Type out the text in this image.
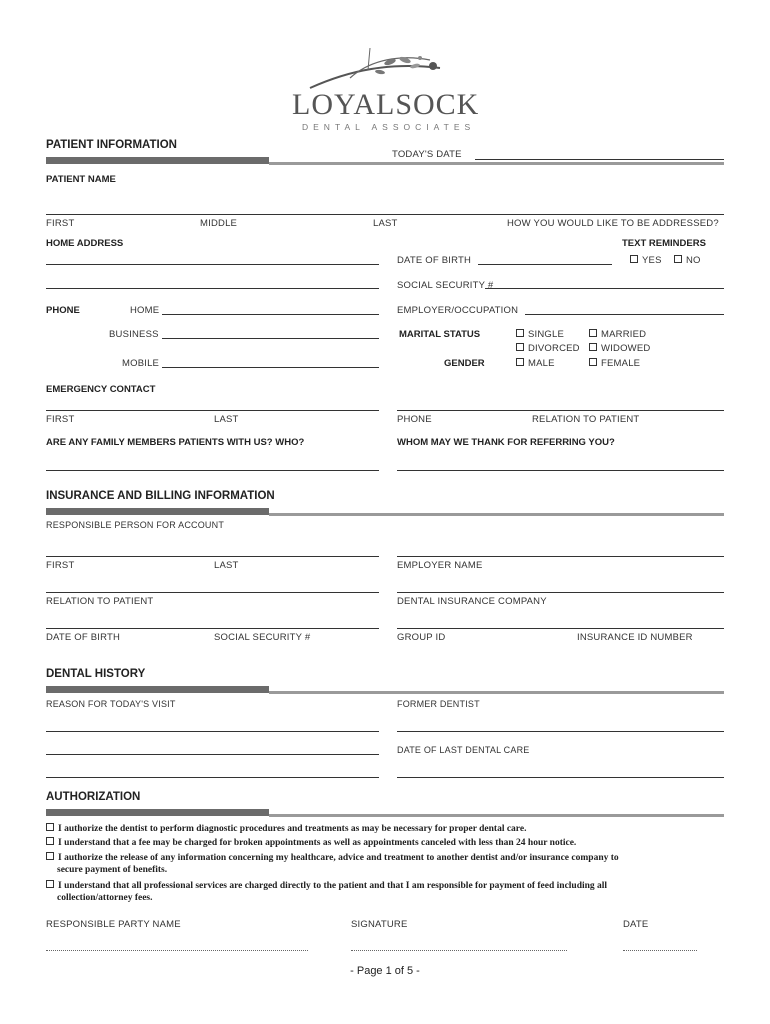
LOYALSOCK
DENTAL ASSOCIATES
PATIENT INFORMATION
TODAY'S DATE
PATIENT NAME
FIRST	MIDDLE	LAST	HOW YOU WOULD LIKE TO BE ADDRESSED?
HOME ADDRESS	TEXT REMINDERS
DATE OF BIRTH	YES	NO
SOCIAL SECURITY #
PHONE	HOME	EMPLOYER/OCCUPATION
BUSINESS	MARITAL STATUS	SINGLE	MARRIED
DIVORCED	WIDOWED
MOBILE	GENDER	MALE	FEMALE
EMERGENCY CONTACT
FIRST	LAST	PHONE	RELATION TO PATIENT
ARE ANY FAMILY MEMBERS PATIENTS WITH US? WHO?	WHOM MAY WE THANK FOR REFERRING YOU?
INSURANCE AND BILLING INFORMATION
RESPONSIBLE PERSON FOR ACCOUNT
FIRST	LAST	EMPLOYER NAME
RELATION TO PATIENT	DENTAL INSURANCE COMPANY
DATE OF BIRTH	SOCIAL SECURITY #	GROUP ID	INSURANCE ID NUMBER
DENTAL HISTORY
REASON FOR TODAY'S VISIT	FORMER DENTIST
DATE OF LAST DENTAL CARE
AUTHORIZATION
I authorize the dentist to perform diagnostic procedures and treatments as may be necessary for proper dental care.
I understand that a fee may be charged for broken appointments as well as appointments canceled with less than 24 hour notice.
I authorize the release of any information concerning my healthcare, advice and treatment to another dentist and/or insurance company to
secure payment of benefits.
I understand that all professional services are charged directly to the patient and that I am responsible for payment of feed including all
collection/attorney fees.
RESPONSIBLE PARTY NAME	SIGNATURE	DATE
- Page 1 of 5 -
